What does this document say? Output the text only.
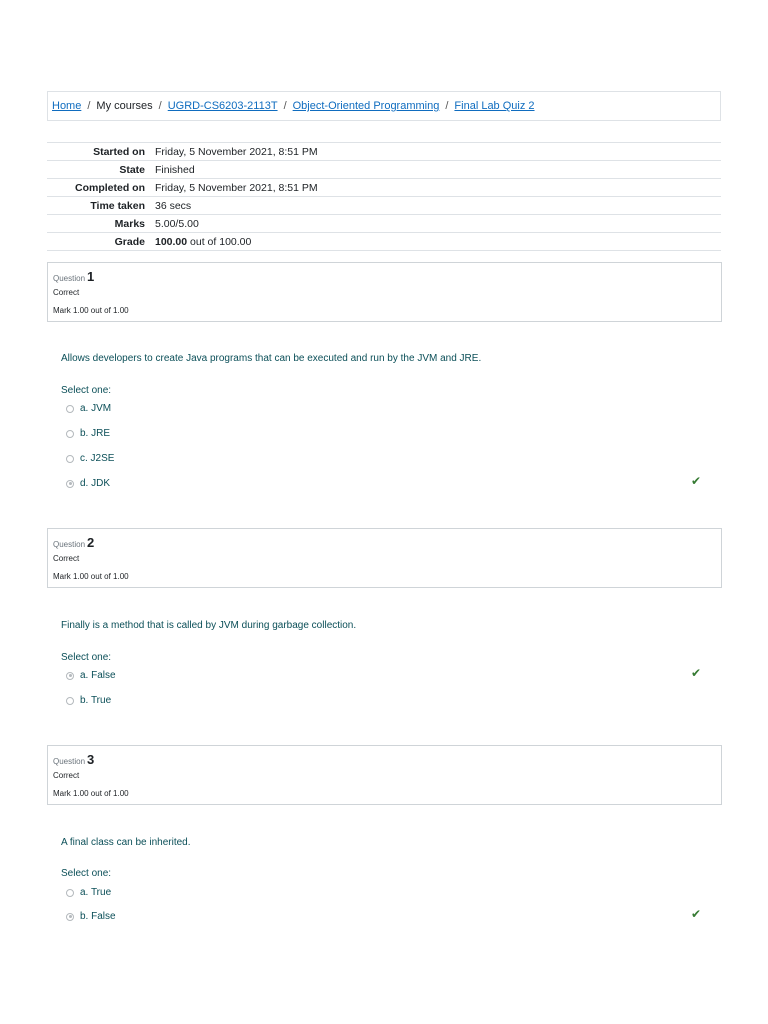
Home / My courses / UGRD-CS6203-2113T / Object-Oriented Programming / Final Lab Quiz 2
Started on	Friday, 5 November 2021, 8:51 PM
State	Finished
Completed on	Friday, 5 November 2021, 8:51 PM
Time taken	36 secs
Marks	5.00/5.00
Grade	100.00 out of 100.00
Question 1
Correct
Mark 1.00 out of 1.00
Allows developers to create Java programs that can be executed and run by the JVM and JRE.
Select one:
a. JVM
b. JRE
c. J2SE
d. JDK	✔
Question 2
Correct
Mark 1.00 out of 1.00
Finally is a method that is called by JVM during garbage collection.
Select one:
a. False	✔
b. True
Question 3
Correct
Mark 1.00 out of 1.00
A final class can be inherited.
Select one:
a. True
b. False	✔
